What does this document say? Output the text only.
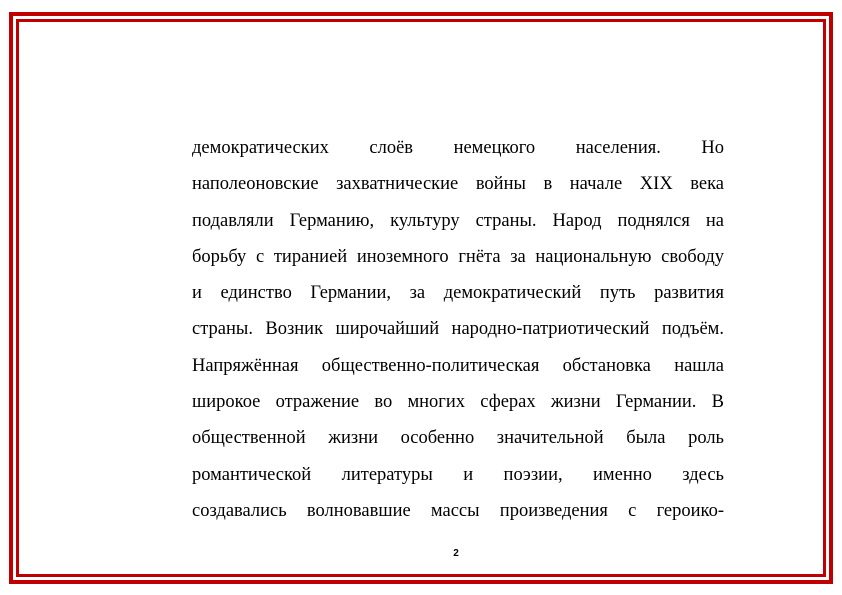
демократических слоёв немецкого населения. Но
наполеоновские захватнические войны в начале XIX века
подавляли Германию, культуру страны. Народ поднялся на
борьбу с тиранией иноземного гнёта за национальную свободу
и единство Германии, за демократический путь развития
страны. Возник широчайший народно-патриотический подъём.
Напряжённая общественно-политическая обстановка нашла
широкое отражение во многих сферах жизни Германии. В
общественной жизни особенно значительной была роль
романтической литературы и поэзии, именно здесь
создавались волновавшие массы произведения с героико-
2
